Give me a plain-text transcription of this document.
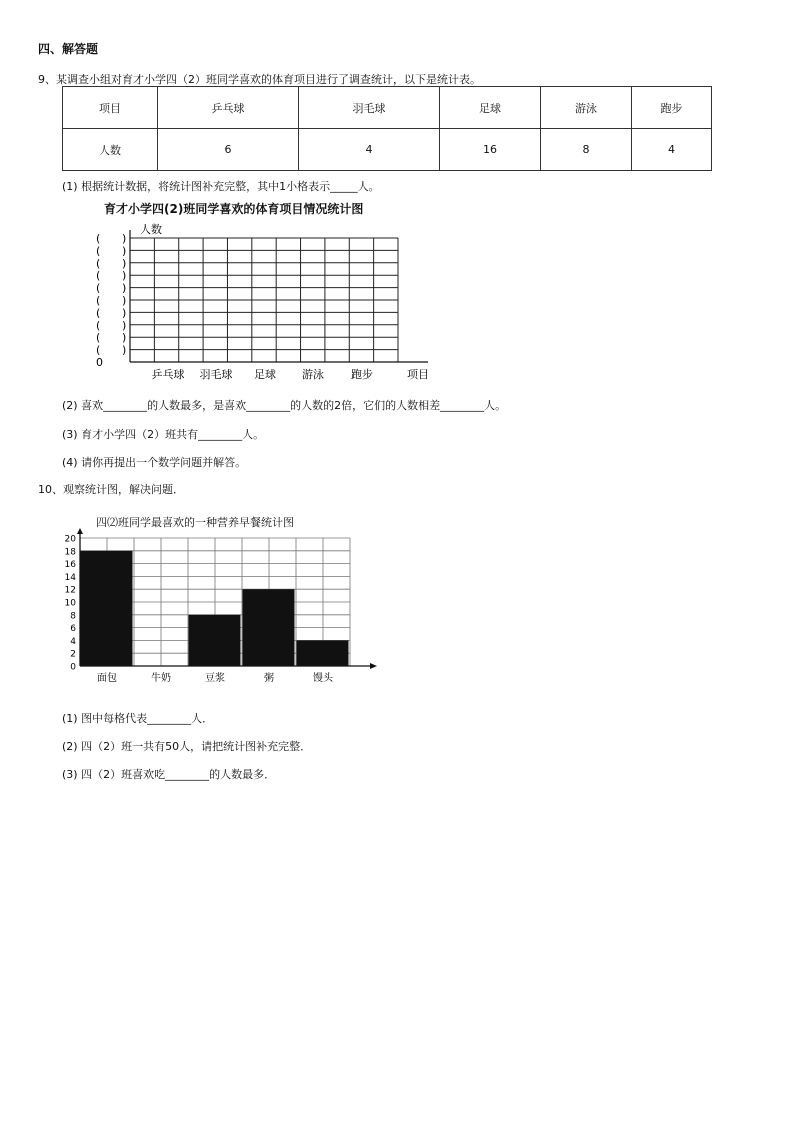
四、解答题
9、某调查小组对育才小学四（2）班同学喜欢的体育项目进行了调查统计，以下是统计表。
项目	乒乓球	羽毛球	足球	游泳	跑步
人数	6	4	16	8	4
(1) 根据统计数据，将统计图补充完整，其中1小格表示_____人。
育才小学四(2)班同学喜欢的体育项目情况统计图
人数
项目
(
(
(
(
(
(
(
(
(
(
0
)
)
)
)
)
)
)
)
)
)
乒乓球 羽毛球 足球 游泳 跑步
0
2
4
6
8
10
12
14
16
18
20
面包	牛奶	豆浆	粥	馒头
(2) 喜欢________的人数最多，是喜欢________的人数的2倍，它们的人数相差________人。
(3) 育才小学四（2）班共有________人。
(4) 请你再提出一个数学问题并解答。
10、观察统计图，解决问题．
四⑵班同学最喜欢的一种营养早餐统计图
(1) 图中每格代表________人．
(2) 四（2）班一共有50人，请把统计图补充完整．
(3) 四（2）班喜欢吃________的人数最多．
